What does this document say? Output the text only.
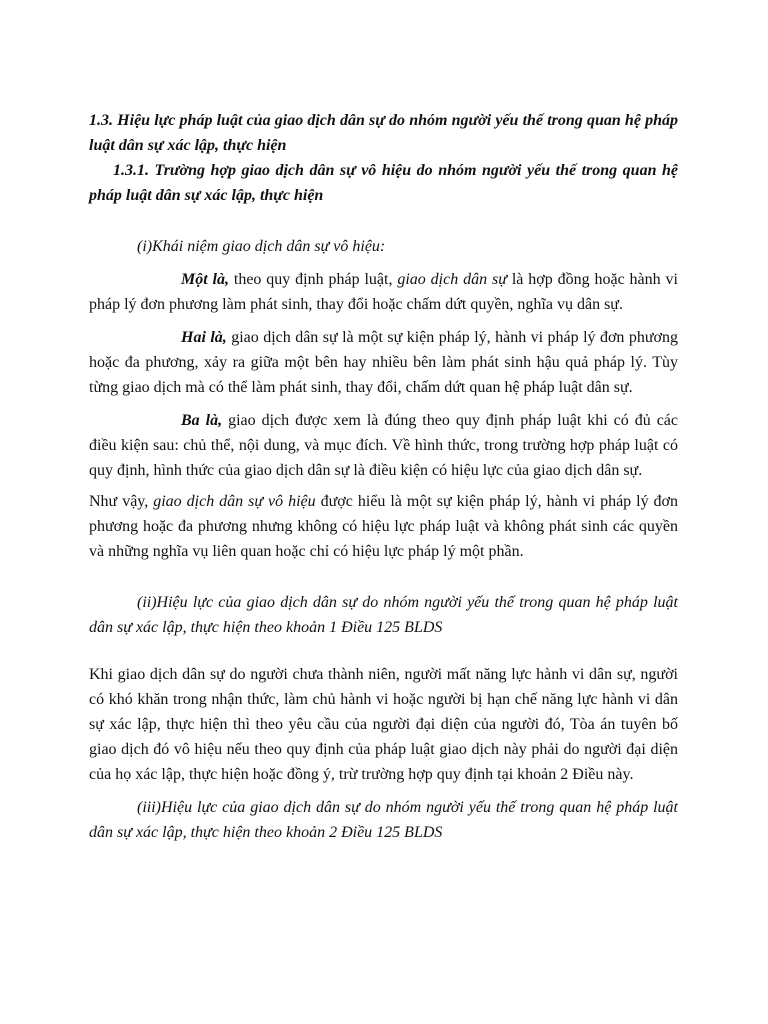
1.3. Hiệu lực pháp luật của giao dịch dân sự do nhóm người yếu thế trong quan hệ pháp luật dân sự xác lập, thực hiện

1.3.1. Trường hợp giao dịch dân sự vô hiệu do nhóm người yếu thế trong quan hệ pháp luật dân sự xác lập, thực hiện

(i)Khái niệm giao dịch dân sự vô hiệu:

Một là, theo quy định pháp luật, giao dịch dân sự là hợp đồng hoặc hành vi pháp lý đơn phương làm phát sinh, thay đổi hoặc chấm dứt quyền, nghĩa vụ dân sự.

Hai là, giao dịch dân sự là một sự kiện pháp lý, hành vi pháp lý đơn phương hoặc đa phương, xảy ra giữa một bên hay nhiều bên làm phát sinh hậu quả pháp lý. Tùy từng giao dịch mà có thể làm phát sinh, thay đổi, chấm dứt quan hệ pháp luật dân sự.

Ba là, giao dịch được xem là đúng theo quy định pháp luật khi có đủ các điều kiện sau: chủ thể, nội dung, và mục đích. Về hình thức, trong trường hợp pháp luật có quy định, hình thức của giao dịch dân sự là điều kiện có hiệu lực của giao dịch dân sự.

Như vậy, giao dịch dân sự vô hiệu được hiểu là một sự kiện pháp lý, hành vi pháp lý đơn phương hoặc đa phương nhưng không có hiệu lực pháp luật và không phát sinh các quyền và những nghĩa vụ liên quan hoặc chỉ có hiệu lực pháp lý một phần.

(ii)Hiệu lực của giao dịch dân sự do nhóm người yếu thế trong quan hệ pháp luật dân sự xác lập, thực hiện theo khoản 1 Điều 125 BLDS

Khi giao dịch dân sự do người chưa thành niên, người mất năng lực hành vi dân sự, người có khó khăn trong nhận thức, làm chủ hành vi hoặc người bị hạn chế năng lực hành vi dân sự xác lập, thực hiện thì theo yêu cầu của người đại diện của người đó, Tòa án tuyên bố giao dịch đó vô hiệu nếu theo quy định của pháp luật giao dịch này phải do người đại diện của họ xác lập, thực hiện hoặc đồng ý, trừ trường hợp quy định tại khoản 2 Điều này.

(iii)Hiệu lực của giao dịch dân sự do nhóm người yếu thế trong quan hệ pháp luật dân sự xác lập, thực hiện theo khoản 2 Điều 125 BLDS
